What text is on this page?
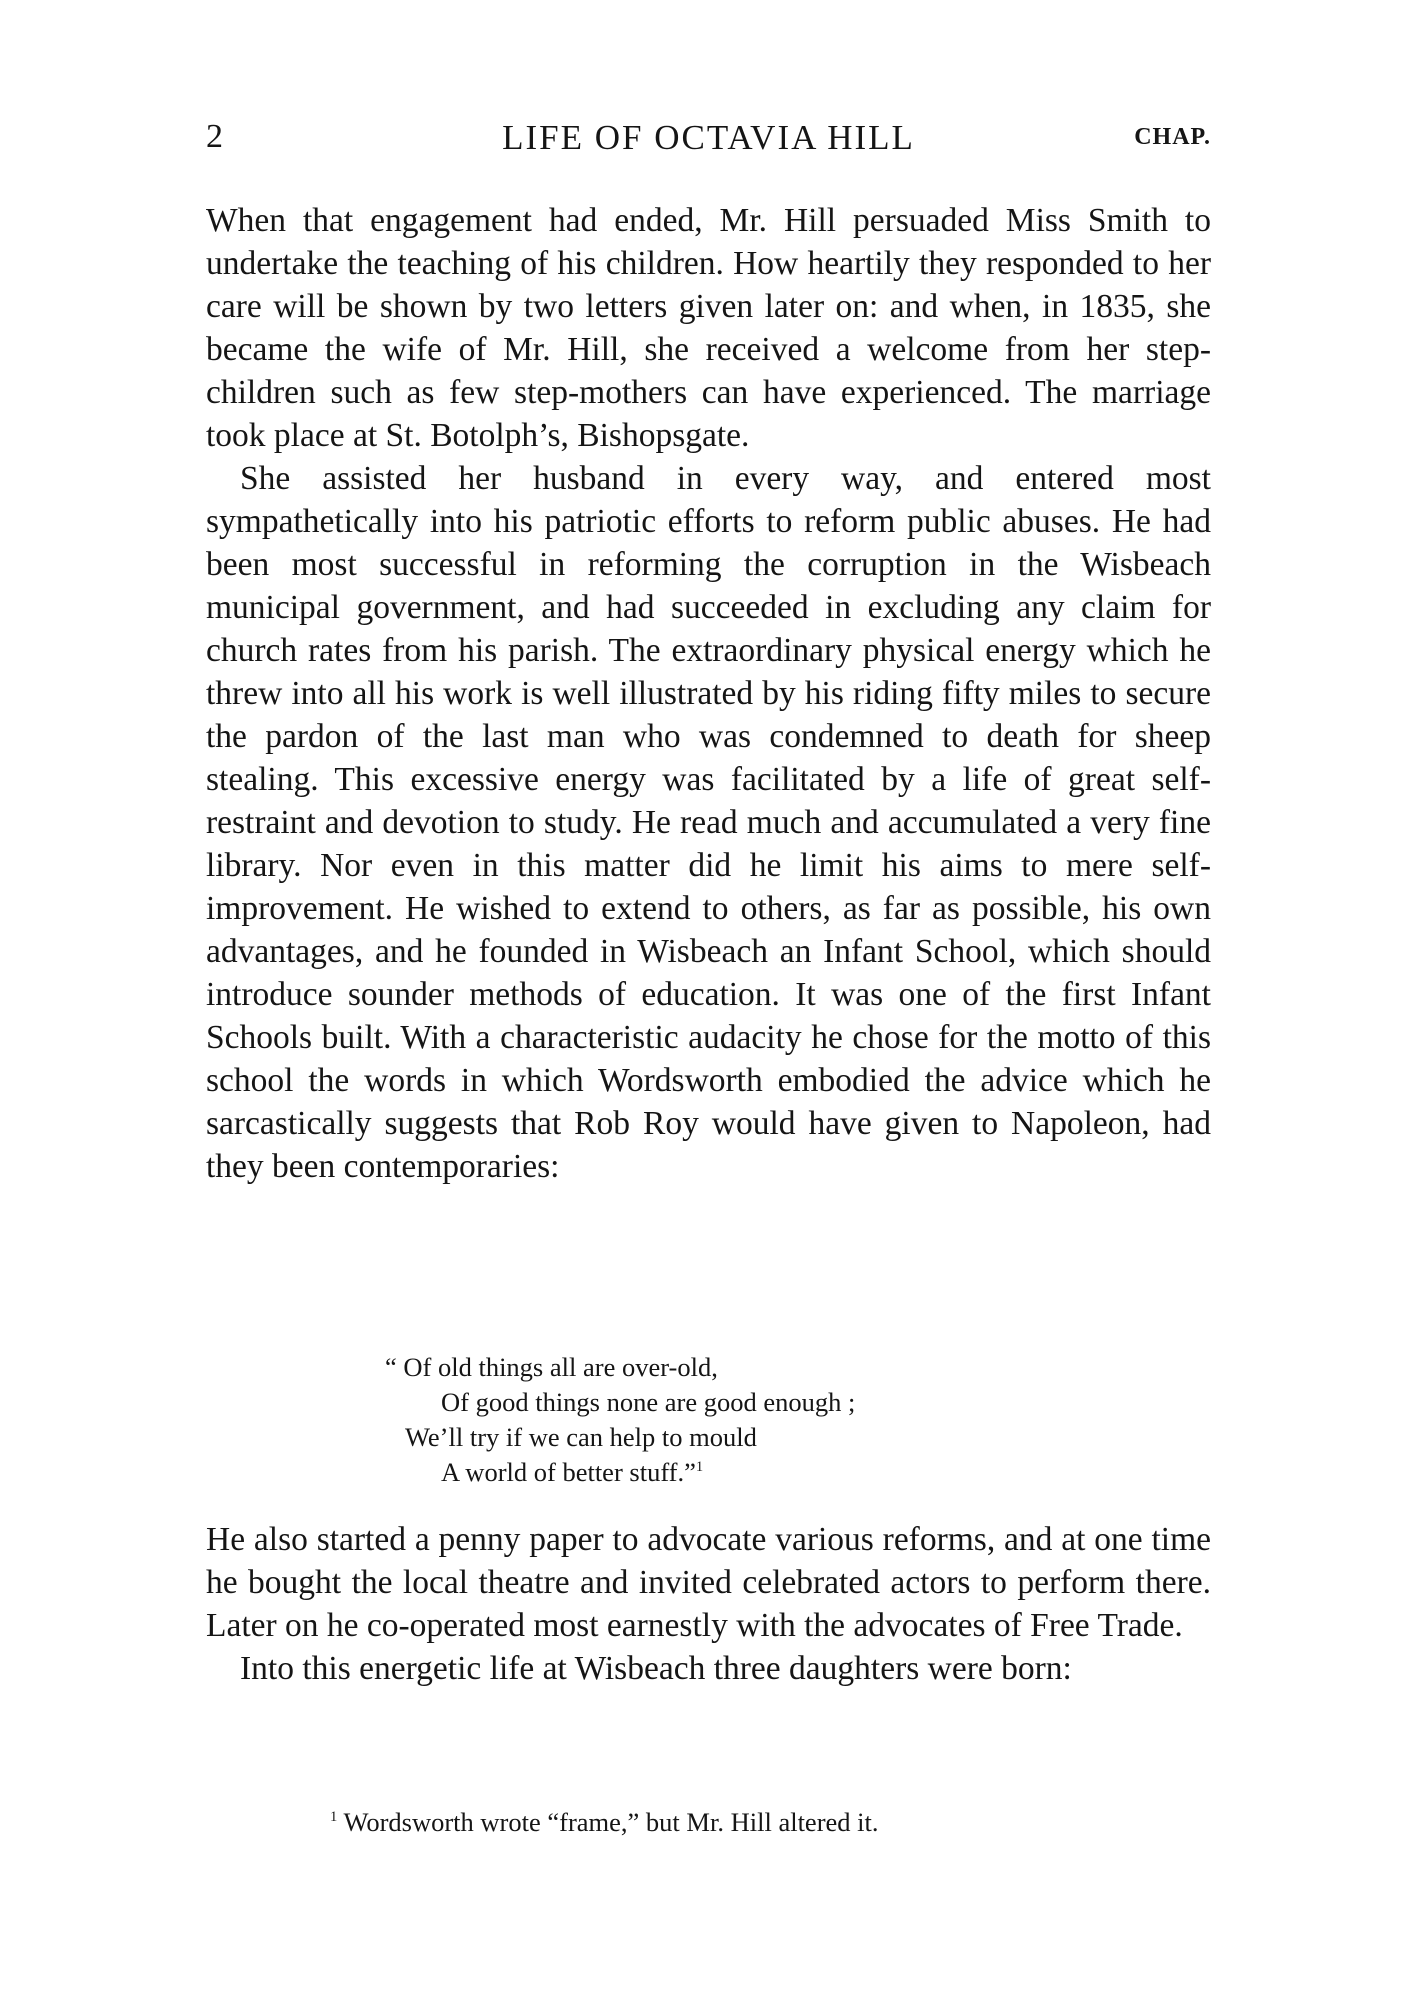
2	LIFE OF OCTAVIA HILL	CHAP.

When that engagement had ended, Mr. Hill persuaded Miss Smith to undertake the teaching of his children. How heartily they responded to her care will be shown by two letters given later on: and when, in 1835, she became the wife of Mr. Hill, she received a welcome from her step-children such as few step-mothers can have experienced. The marriage took place at St. Botolph’s, Bishopsgate.

She assisted her husband in every way, and entered most sympathetically into his patriotic efforts to reform public abuses. He had been most successful in reforming the corruption in the Wisbeach municipal government, and had succeeded in excluding any claim for church rates from his parish. The extraordinary physical energy which he threw into all his work is well illustrated by his riding fifty miles to secure the pardon of the last man who was condemned to death for sheep stealing. This excessive energy was facilitated by a life of great self-restraint and devotion to study. He read much and accumulated a very fine library. Nor even in this matter did he limit his aims to mere self-improvement. He wished to extend to others, as far as possible, his own advantages, and he founded in Wisbeach an Infant School, which should introduce sounder methods of education. It was one of the first Infant Schools built. With a characteristic audacity he chose for the motto of this school the words in which Wordsworth embodied the advice which he sarcastically suggests that Rob Roy would have given to Napoleon, had they been contemporaries:

“ Of old things all are over-old,
Of good things none are good enough ;
We’ll try if we can help to mould
A world of better stuff.”$^1$

He also started a penny paper to advocate various reforms, and at one time he bought the local theatre and invited celebrated actors to perform there. Later on he co-operated most earnestly with the advocates of Free Trade.

Into this energetic life at Wisbeach three daughters were born:

$^1$ Wordsworth wrote “frame,” but Mr. Hill altered it.
